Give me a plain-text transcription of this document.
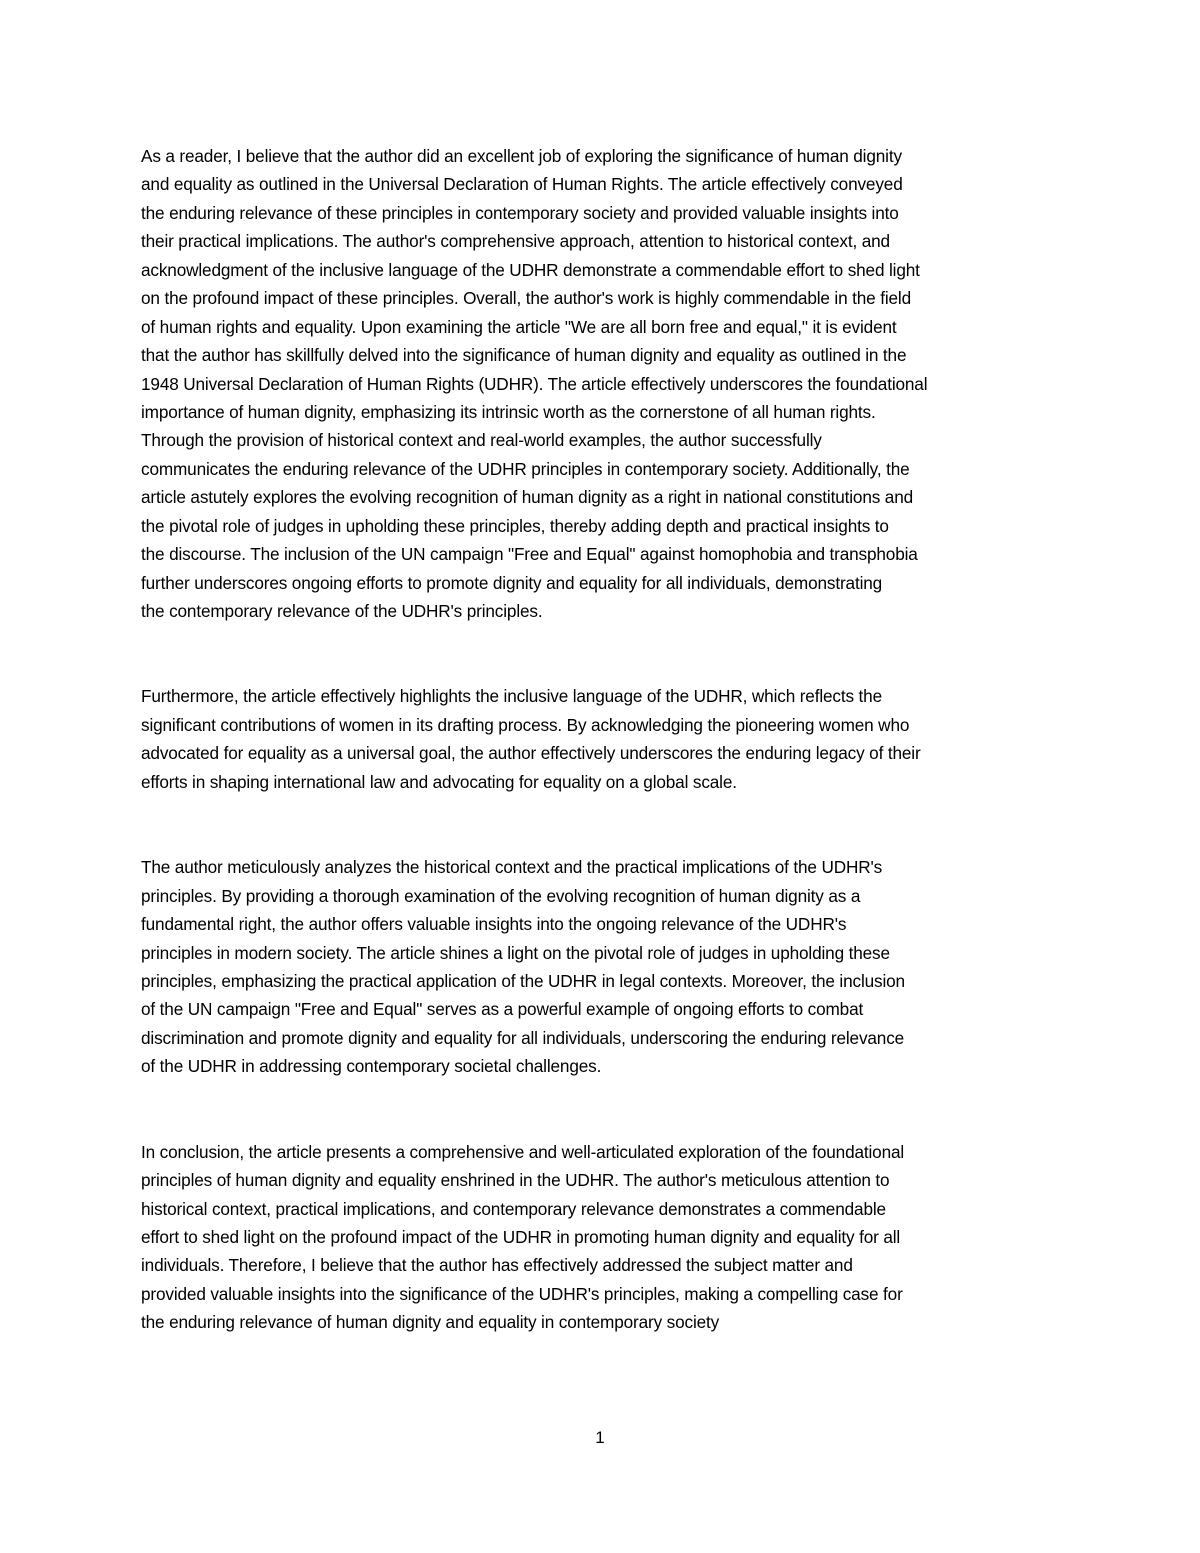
As a reader, I believe that the author did an excellent job of exploring the significance of human dignity
and equality as outlined in the Universal Declaration of Human Rights. The article effectively conveyed
the enduring relevance of these principles in contemporary society and provided valuable insights into
their practical implications. The author's comprehensive approach, attention to historical context, and
acknowledgment of the inclusive language of the UDHR demonstrate a commendable effort to shed light
on the profound impact of these principles. Overall, the author's work is highly commendable in the field
of human rights and equality. Upon examining the article "We are all born free and equal," it is evident
that the author has skillfully delved into the significance of human dignity and equality as outlined in the
1948 Universal Declaration of Human Rights (UDHR). The article effectively underscores the foundational
importance of human dignity, emphasizing its intrinsic worth as the cornerstone of all human rights.
Through the provision of historical context and real-world examples, the author successfully
communicates the enduring relevance of the UDHR principles in contemporary society. Additionally, the
article astutely explores the evolving recognition of human dignity as a right in national constitutions and
the pivotal role of judges in upholding these principles, thereby adding depth and practical insights to
the discourse. The inclusion of the UN campaign "Free and Equal" against homophobia and transphobia
further underscores ongoing efforts to promote dignity and equality for all individuals, demonstrating
the contemporary relevance of the UDHR's principles.
Furthermore, the article effectively highlights the inclusive language of the UDHR, which reflects the
significant contributions of women in its drafting process. By acknowledging the pioneering women who
advocated for equality as a universal goal, the author effectively underscores the enduring legacy of their
efforts in shaping international law and advocating for equality on a global scale.
The author meticulously analyzes the historical context and the practical implications of the UDHR's
principles. By providing a thorough examination of the evolving recognition of human dignity as a
fundamental right, the author offers valuable insights into the ongoing relevance of the UDHR's
principles in modern society. The article shines a light on the pivotal role of judges in upholding these
principles, emphasizing the practical application of the UDHR in legal contexts. Moreover, the inclusion
of the UN campaign "Free and Equal" serves as a powerful example of ongoing efforts to combat
discrimination and promote dignity and equality for all individuals, underscoring the enduring relevance
of the UDHR in addressing contemporary societal challenges.
In conclusion, the article presents a comprehensive and well-articulated exploration of the foundational
principles of human dignity and equality enshrined in the UDHR. The author's meticulous attention to
historical context, practical implications, and contemporary relevance demonstrates a commendable
effort to shed light on the profound impact of the UDHR in promoting human dignity and equality for all
individuals. Therefore, I believe that the author has effectively addressed the subject matter and
provided valuable insights into the significance of the UDHR's principles, making a compelling case for
the enduring relevance of human dignity and equality in contemporary society
1
